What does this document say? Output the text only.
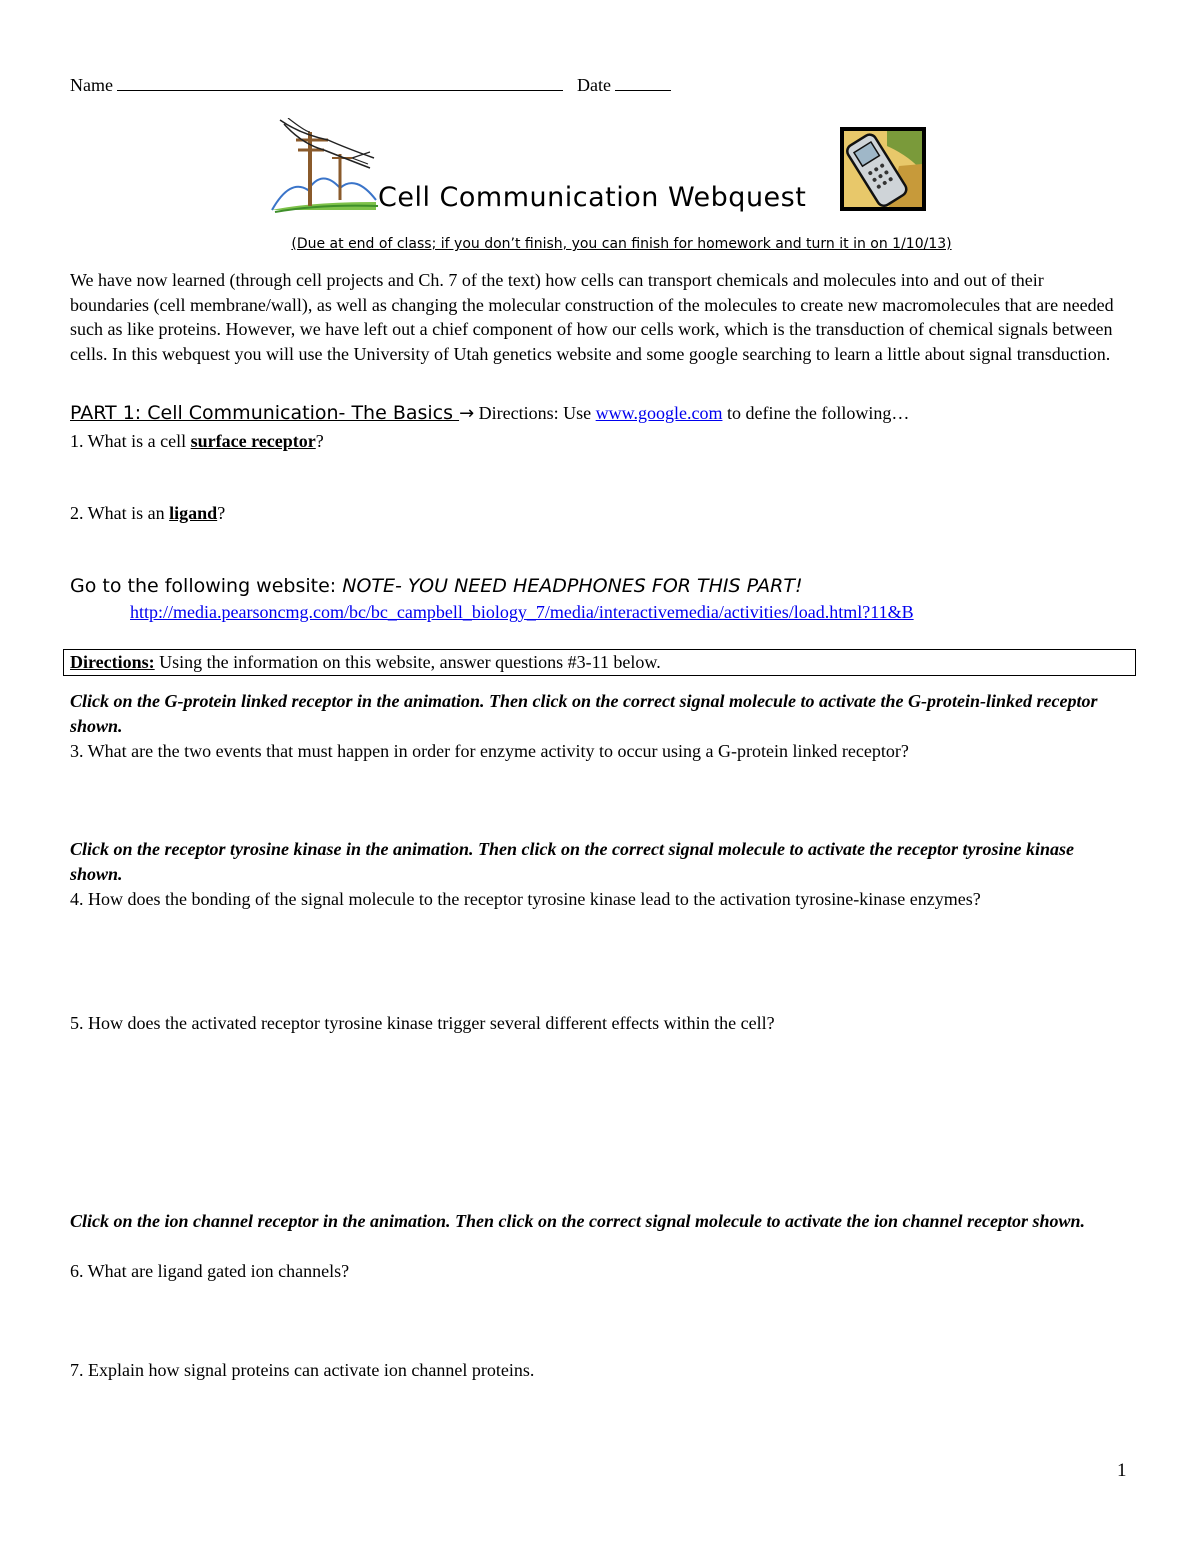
Name	Date
Cell Communication Webquest
(Due at end of class; if you don’t finish, you can finish for homework and turn it in on 1/10/13)
We have now learned (through cell projects and Ch. 7 of the text) how cells can transport chemicals and molecules into and out of their boundaries (cell membrane/wall), as well as changing the molecular construction of the molecules to create new macromolecules that are needed such as like proteins. However, we have left out a chief component of how our cells work, which is the transduction of chemical signals between cells. In this webquest you will use the University of Utah genetics website and some google searching to learn a little about signal transduction.
PART 1: Cell Communication- The Basics → Directions: Use www.google.com to define the following…
1. What is a cell surface receptor?
2. What is an ligand?
Go to the following website: NOTE- YOU NEED HEADPHONES FOR THIS PART!
http://media.pearsoncmg.com/bc/bc_campbell_biology_7/media/interactivemedia/activities/load.html?11&B
Directions: Using the information on this website, answer questions #3-11 below.
Click on the G-protein linked receptor in the animation. Then click on the correct signal molecule to activate the G-protein-linked receptor shown.
3. What are the two events that must happen in order for enzyme activity to occur using a G-protein linked receptor?
Click on the receptor tyrosine kinase in the animation. Then click on the correct signal molecule to activate the receptor tyrosine kinase shown.
4. How does the bonding of the signal molecule to the receptor tyrosine kinase lead to the activation tyrosine-kinase enzymes?
5. How does the activated receptor tyrosine kinase trigger several different effects within the cell?
Click on the ion channel receptor in the animation. Then click on the correct signal molecule to activate the ion channel receptor shown.
6. What are ligand gated ion channels?
7. Explain how signal proteins can activate ion channel proteins.
1
